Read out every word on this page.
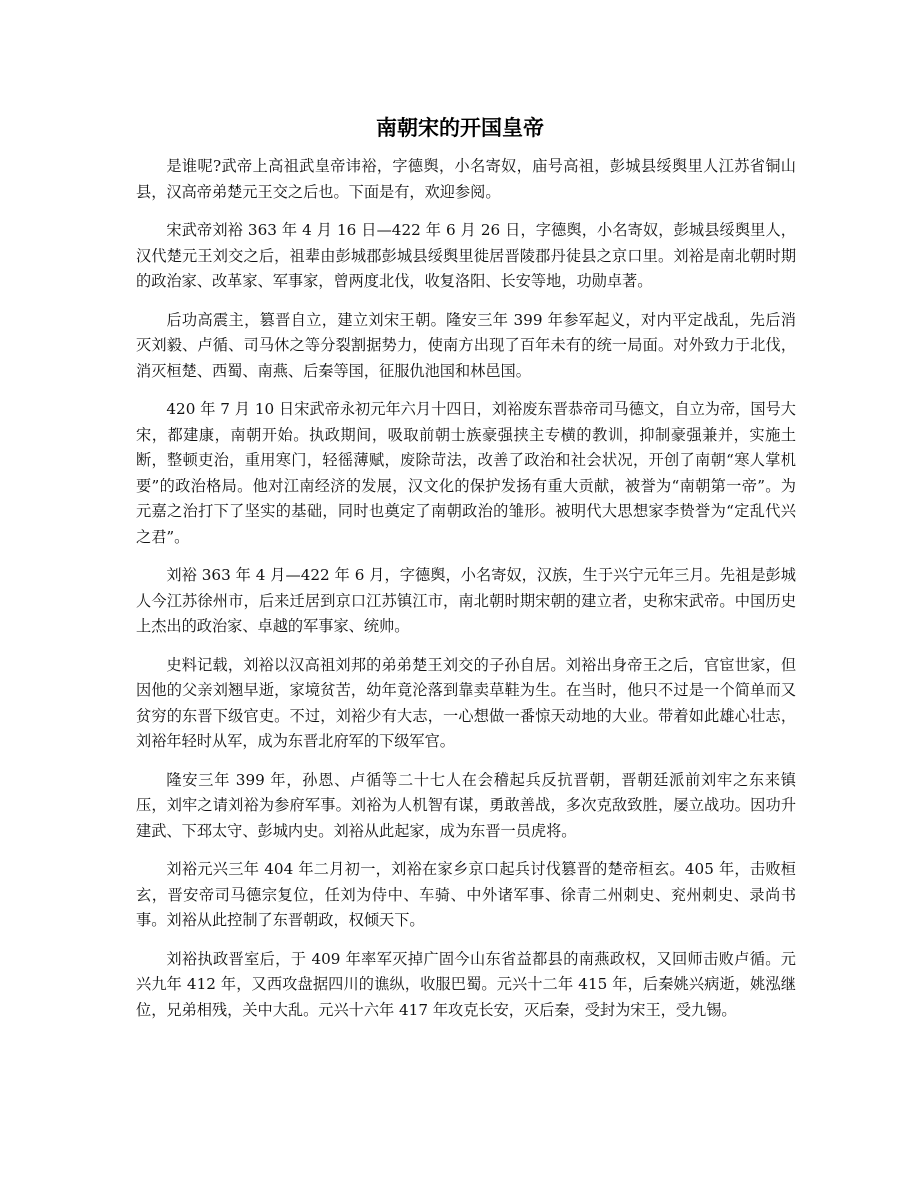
南朝宋的开国皇帝

是谁呢?武帝上高祖武皇帝讳裕，字德舆，小名寄奴，庙号高祖，彭城县绥舆里人江苏省铜山县，汉高帝弟楚元王交之后也。下面是有，欢迎参阅。

宋武帝刘裕 363 年 4 月 16 日—422 年 6 月 26 日，字德舆，小名寄奴，彭城县绥舆里人，汉代楚元王刘交之后，祖辈由彭城郡彭城县绥舆里徙居晋陵郡丹徒县之京口里。刘裕是南北朝时期的政治家、改革家、军事家，曾两度北伐，收复洛阳、长安等地，功勋卓著。

后功高震主，篡晋自立，建立刘宋王朝。隆安三年 399 年参军起义，对内平定战乱，先后消灭刘毅、卢循、司马休之等分裂割据势力，使南方出现了百年未有的统一局面。对外致力于北伐，消灭桓楚、西蜀、南燕、后秦等国，征服仇池国和林邑国。

420 年 7 月 10 日宋武帝永初元年六月十四日，刘裕废东晋恭帝司马德文，自立为帝，国号大宋，都建康，南朝开始。执政期间，吸取前朝士族豪强挟主专横的教训，抑制豪强兼并，实施土断，整顿吏治，重用寒门，轻徭薄赋，废除苛法，改善了政治和社会状况，开创了南朝“寒人掌机要”的政治格局。他对江南经济的发展，汉文化的保护发扬有重大贡献，被誉为“南朝第一帝”。为元嘉之治打下了坚实的基础，同时也奠定了南朝政治的雏形。被明代大思想家李贽誉为“定乱代兴之君”。

刘裕 363 年 4 月—422 年 6 月，字德舆，小名寄奴，汉族，生于兴宁元年三月。先祖是彭城人今江苏徐州市，后来迁居到京口江苏镇江市，南北朝时期宋朝的建立者，史称宋武帝。中国历史上杰出的政治家、卓越的军事家、统帅。

史料记载，刘裕以汉高祖刘邦的弟弟楚王刘交的子孙自居。刘裕出身帝王之后，官宦世家，但因他的父亲刘翘早逝，家境贫苦，幼年竟沦落到靠卖草鞋为生。在当时，他只不过是一个简单而又贫穷的东晋下级官吏。不过，刘裕少有大志，一心想做一番惊天动地的大业。带着如此雄心壮志，刘裕年轻时从军，成为东晋北府军的下级军官。

隆安三年 399 年，孙恩、卢循等二十七人在会稽起兵反抗晋朝，晋朝廷派前刘牢之东来镇压，刘牢之请刘裕为参府军事。刘裕为人机智有谋，勇敢善战，多次克敌致胜，屡立战功。因功升建武、下邳太守、彭城内史。刘裕从此起家，成为东晋一员虎将。

刘裕元兴三年 404 年二月初一，刘裕在家乡京口起兵讨伐篡晋的楚帝桓玄。405 年，击败桓玄，晋安帝司马德宗复位，任刘为侍中、车骑、中外诸军事、徐青二州刺史、兖州刺史、录尚书事。刘裕从此控制了东晋朝政，权倾天下。

刘裕执政晋室后，于 409 年率军灭掉广固今山东省益都县的南燕政权，又回师击败卢循。元兴九年 412 年，又西攻盘据四川的谯纵，收服巴蜀。元兴十二年 415 年，后秦姚兴病逝，姚泓继位，兄弟相残，关中大乱。元兴十六年 417 年攻克长安，灭后秦，受封为宋王，受九锡。
